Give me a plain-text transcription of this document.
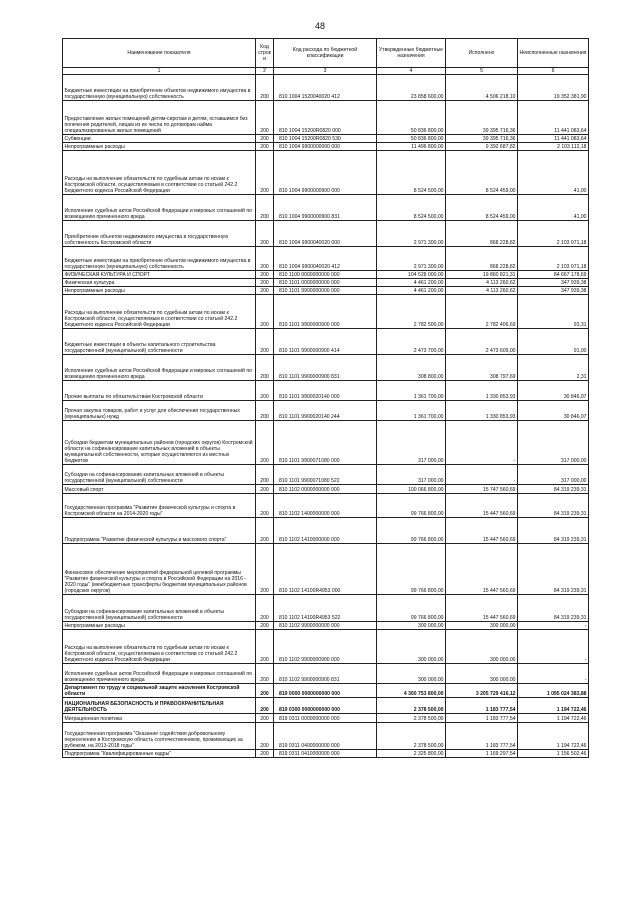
48
Наименование показателя	Код строк и	Код расхода по бюджетной классификации	Утвержденные бюджетные назначения	Исполнено	Неисполненные назначения
1	2	3	4	5	6
Бюджетные инвестиции на приобретение объектов недвижимого имущества в государственную (муниципальную) собственность	200	810 1004 1520040020 412	23 858 600,00	4 506 218,10	19 352 381,90
Предоставление жилых помещений детям-сиротам и детям, оставшимся без попечения родителей, лицам из их числа по договорам найма специализированных жилых помещений	200	810 1004 15200R0820 000	50 836 800,00	39 395 716,36	11 441 083,64
Субвенции	200	810 1004 15200R0820 530	50 836 800,00	39 395 716,36	11 441 083,64
Непрограммные расходы	200	810 1004 9900000000 000	11 496 800,00	9 392 687,82	2 103 112,18
Расходы на выполнение обязательств по судебным актам по искам к Костромской области, осуществляемым в соответствии со статьей 242.2 Бюджетного кодекса Российской Федерации	200	810 1004 9900000900 000	8 524 500,00	8 524 459,00	41,00
Исполнение судебных актов Российской Федерации и мировых соглашений по возмещению причиненного вреда	200	810 1004 9900000900 831	8 524 500,00	8 524 459,00	41,00
Приобретение объектов недвижимого имущества в государственную собственность Костромской области	200	810 1004 9900040020 000	2 971 300,00	868 228,82	2 103 071,18
Бюджетные инвестиции на приобретение объектов недвижимого имущества в государственную (муниципальную) собственность	200	810 1004 9900040020 412	2 971 300,00	868 228,82	2 103 071,18
ФИЗИЧЕСКАЯ КУЛЬТУРА И СПОРТ	200	810 1100 0000000000 000	104 528 000,00	19 860 821,31	84 667 178,69
Физическая культура	200	810 1101 0000000000 000	4 461 200,00	4 113 260,62	347 939,38
Непрограммные расходы	200	810 1101 9900000000 000	4 461 200,00	4 113 260,62	347 939,38
Расходы на выполнение обязательств по судебным актам по искам к Костромской области, осуществляемым в соответствии со статьей 242.2 Бюджетного кодекса Российской Федерации	200	810 1101 9900000900 000	2 782 500,00	2 782 406,69	93,31
Бюджетные инвестиции в объекты капитального строительства государственной (муниципальной) собственности	200	810 1101 9900000900 414	2 473 700,00	2 473 609,00	91,00
Исполнение судебных актов Российской Федерации и мировых соглашений по возмещению причиненного вреда	200	810 1101 9900000900 831	308 800,00	308 797,69	2,31
Прочие выплаты по обязательствам Костромской области	200	810 1101 9900020140 000	1 361 700,00	1 330 853,93	30 846,07
Прочая закупка товаров, работ и услуг для обеспечения государственных (муниципальных) нужд	200	810 1101 9900020140 244	1 361 700,00	1 330 853,93	30 846,07
Субсидии бюджетам муниципальных районов (городских округов) Костромской области на софинансирование капитальных вложений в объекты муниципальной собственности, которые осуществляются из местных бюджетов	200	810 1101 9900071080 000	317 000,00	-	317 000,00
Субсидии на софинансирование капитальных вложений в объекты государственной (муниципальной) собственности	200	810 1101 9900071080 522	317 000,00	-	317 000,00
Массовый спорт	200	810 1102 0000000000 000	100 066 800,00	15 747 560,69	84 319 239,31
Государственная программа "Развитие физической культуры и спорта в Костромской области на 2014-2020 годы"	200	810 1102 1400000000 000	99 766 800,00	15 447 560,69	84 319 239,31
Подпрограмма "Развитие физической культуры и массового спорта"	200	810 1102 1410000000 000	99 766 800,00	15 447 560,69	84 319 239,31
Финансовое обеспечение мероприятий федеральной целевой программы "Развитие физической культуры и спорта в Российской Федерации на 2016 - 2020 годы" (межбюджетные трансферты бюджетам муниципальных районов (городских округов)	200	810 1102 14100R4953 000	99 766 800,00	15 447 560,69	84 319 239,31
Субсидии на софинансирование капитальных вложений в объекты государственной (муниципальной) собственности	200	810 1102 14100R4953 522	99 766 800,00	15 447 560,69	84 319 239,31
Непрограммные расходы	200	810 1102 9900000000 000	300 000,00	300 000,00	-
Расходы на выполнение обязательств по судебным актам по искам к Костромской области, осуществляемым в соответствии со статьей 242.2 Бюджетного кодекса Российской Федерации	200	810 1102 9900000900 000	300 000,00	300 000,00	-
Исполнение судебных актов Российской Федерации и мировых соглашений по возмещению причиненного вреда	200	810 1102 9900000900 831	300 000,00	300 000,00	-
Департамент по труду и социальной защите населения Костромской области	200	819 0000 0000000000 000	4 300 753 800,00	3 205 729 416,12	1 095 024 383,88
НАЦИОНАЛЬНАЯ БЕЗОПАСНОСТЬ И ПРАВООХРАНИТЕЛЬНАЯ ДЕЯТЕЛЬНОСТЬ	200	819 0300 0000000000 000	2 378 500,00	1 183 777,54	1 194 722,46
Миграционная политика	200	819 0311 0000000000 000	2 378 500,00	1 183 777,54	1 194 722,46
Государственная программа "Оказание содействия добровольному переселению в Костромскую область соотечественников, проживающих за рубежом, на 2013-2018 годы"	200	819 0311 0400000000 000	2 378 500,00	1 183 777,54	1 194 722,46
Подпрограмма "Квалифицированные кадры"	200	819 0311 0410000000 000	2 325 800,00	1 169 297,54	1 156 502,46
